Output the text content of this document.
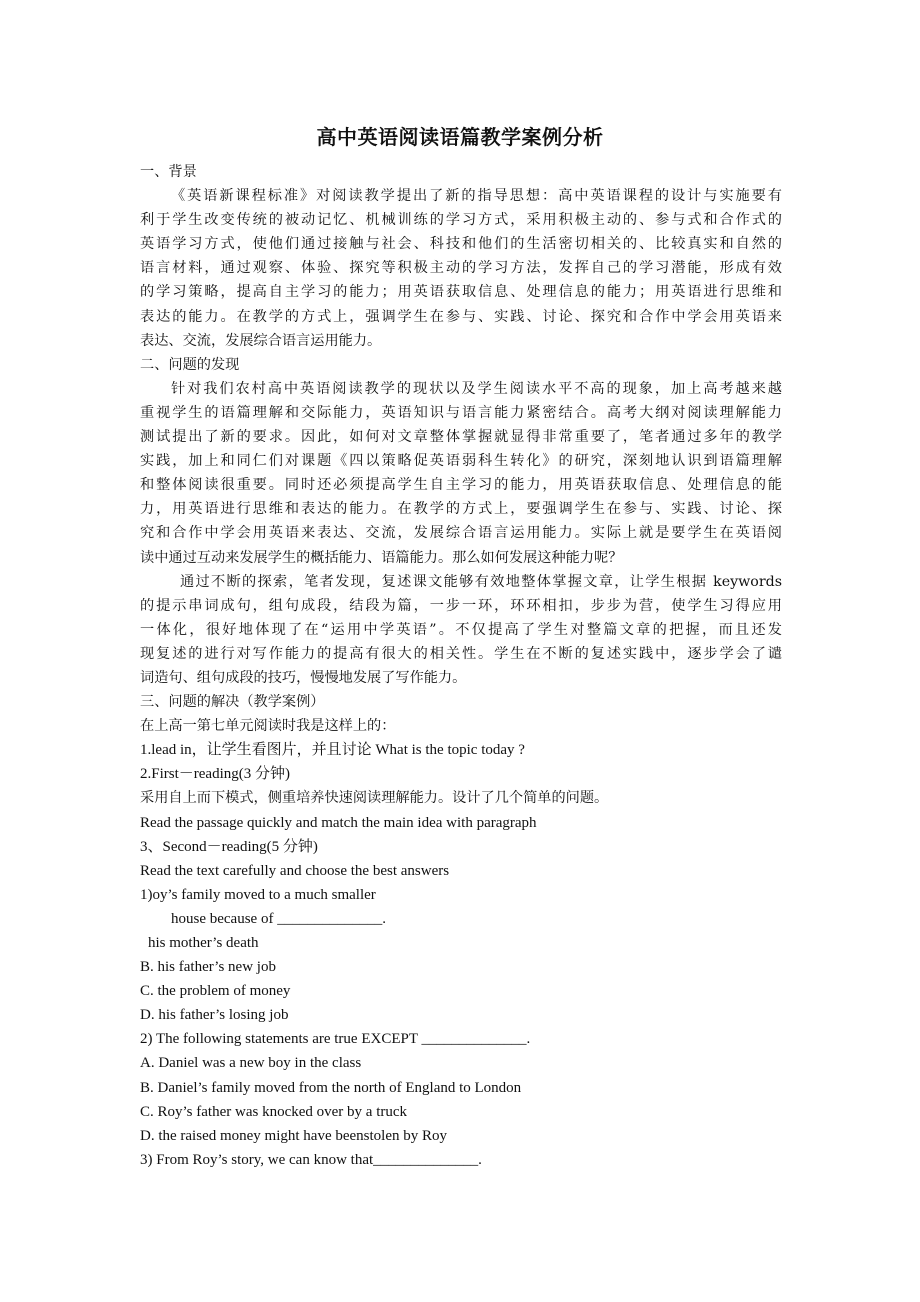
高中英语阅读语篇教学案例分析
一、背景
《英语新课程标准》对阅读教学提出了新的指导思想：高中英语课程的设计与实施要有
利于学生改变传统的被动记忆、机械训练的学习方式，采用积极主动的、参与式和合作式的
英语学习方式，使他们通过接触与社会、科技和他们的生活密切相关的、比较真实和自然的
语言材料，通过观察、体验、探究等积极主动的学习方法，发挥自己的学习潜能，形成有效
的学习策略，提高自主学习的能力；用英语获取信息、处理信息的能力；用英语进行思维和
表达的能力。在教学的方式上，强调学生在参与、实践、讨论、探究和合作中学会用英语来
表达、交流，发展综合语言运用能力。
二、问题的发现
针对我们农村高中英语阅读教学的现状以及学生阅读水平不高的现象，加上高考越来越
重视学生的语篇理解和交际能力，英语知识与语言能力紧密结合。高考大纲对阅读理解能力
测试提出了新的要求。因此，如何对文章整体掌握就显得非常重要了，笔者通过多年的教学
实践，加上和同仁们对课题《四以策略促英语弱科生转化》的研究，深刻地认识到语篇理解
和整体阅读很重要。同时还必须提高学生自主学习的能力，用英语获取信息、处理信息的能
力，用英语进行思维和表达的能力。在教学的方式上，要强调学生在参与、实践、讨论、探
究和合作中学会用英语来表达、交流，发展综合语言运用能力。实际上就是要学生在英语阅
读中通过互动来发展学生的概括能力、语篇能力。那么如何发展这种能力呢？
通过不断的探索，笔者发现，复述课文能够有效地整体掌握文章，让学生根据 keywords
的提示串词成句，组句成段，结段为篇，一步一环，环环相扣，步步为营，使学生习得应用
一体化，很好地体现了在“运用中学英语”。不仅提高了学生对整篇文章的把握，而且还发
现复述的进行对写作能力的提高有很大的相关性。学生在不断的复述实践中，逐步学会了谴
词造句、组句成段的技巧，慢慢地发展了写作能力。
三、问题的解决（教学案例）
在上高一第七单元阅读时我是这样上的：
1.lead in，让学生看图片，并且讨论 What is the topic today ?
2.First－reading(3 分钟)
采用自上而下模式，侧重培养快速阅读理解能力。设计了几个简单的问题。
Read the passage quickly and match the main idea with paragraph
3、Second－reading(5 分钟)
Read the text carefully and choose the best answers
1)oy’s family moved to a much smaller
house because of ______________.
his mother’s death
B. his father’s new job
C. the problem of money
D. his father’s losing job
2) The following statements are true EXCEPT ______________.
A. Daniel was a new boy in the class
B. Daniel’s family moved from the north of England to London
C. Roy’s father was knocked over by a truck
D. the raised money might have beenstolen by Roy
3) From Roy’s story, we can know that______________.
